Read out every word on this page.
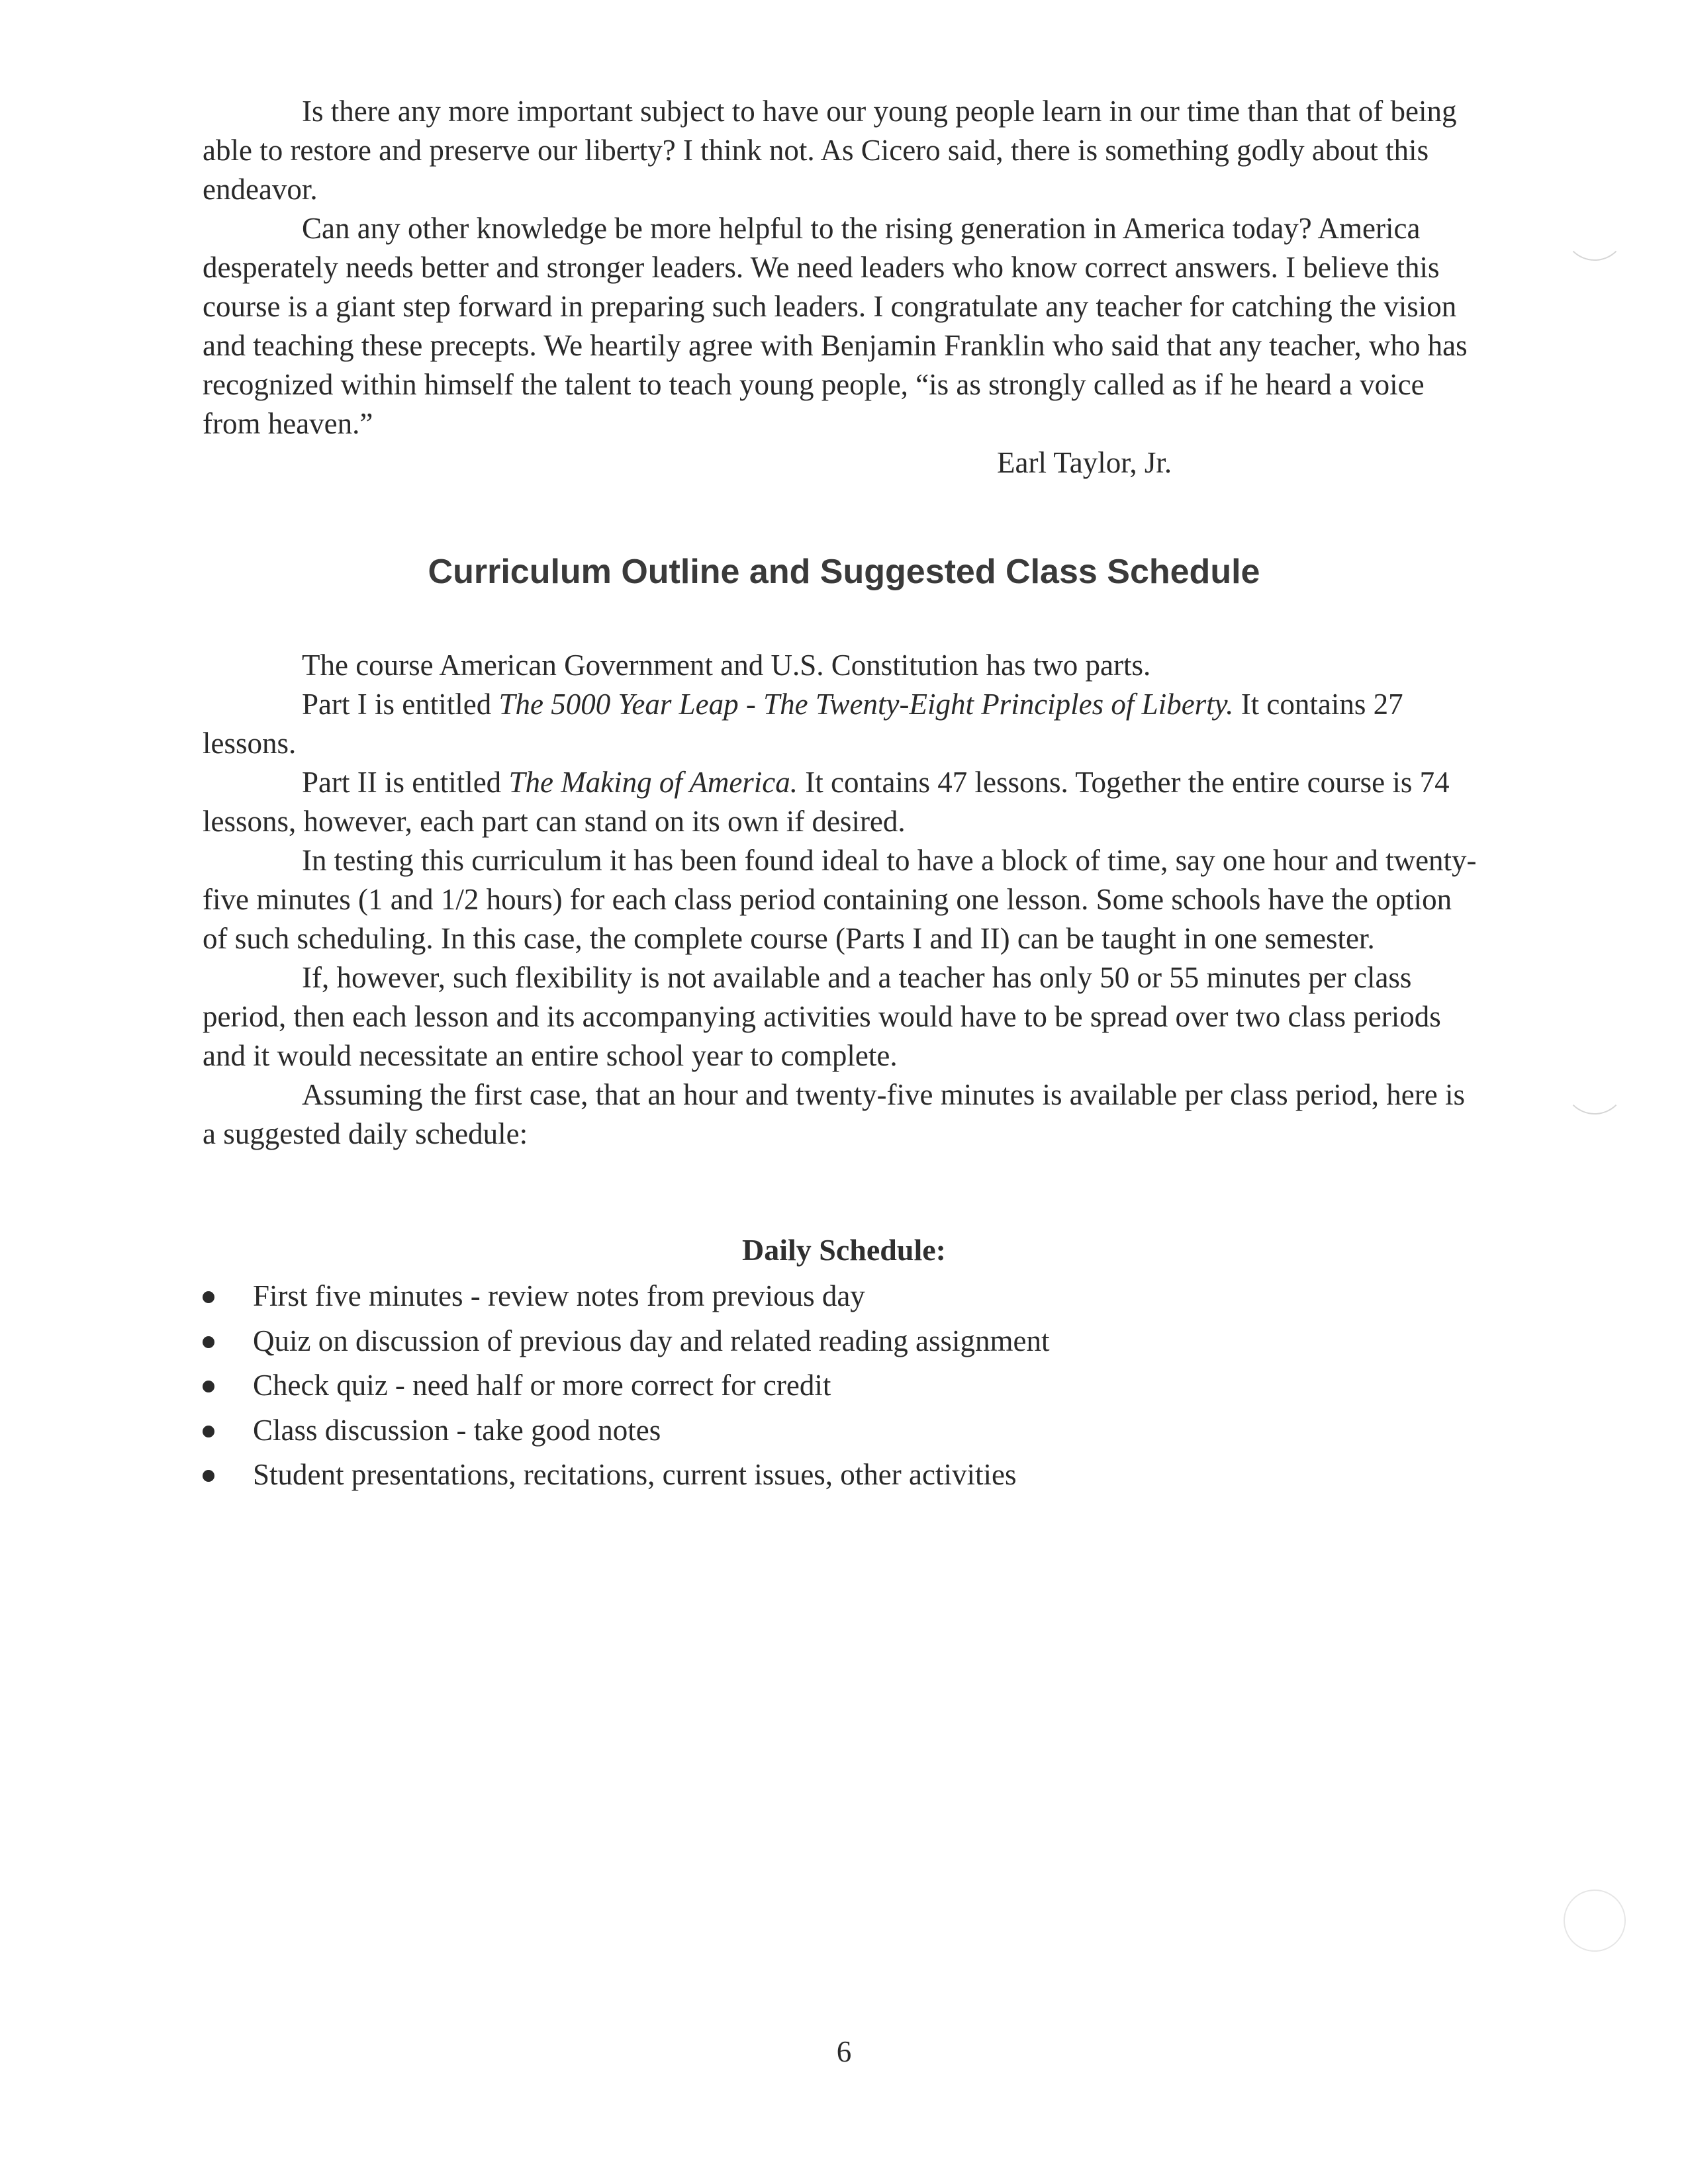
Is there any more important subject to have our young people learn in our time than that of being able to restore and preserve our liberty? I think not. As Cicero said, there is something godly about this endeavor.

Can any other knowledge be more helpful to the rising generation in America today? America desperately needs better and stronger leaders. We need leaders who know correct answers. I believe this course is a giant step forward in preparing such leaders. I congratulate any teacher for catching the vision and teaching these precepts. We heartily agree with Benjamin Franklin who said that any teacher, who has recognized within himself the talent to teach young people, “is as strongly called as if he heard a voice from heaven.”

Earl Taylor, Jr.

Curriculum Outline and Suggested Class Schedule

The course American Government and U.S. Constitution has two parts.

Part I is entitled The 5000 Year Leap - The Twenty-Eight Principles of Liberty. It contains 27 lessons.

Part II is entitled The Making of America. It contains 47 lessons. Together the entire course is 74 lessons, however, each part can stand on its own if desired.

In testing this curriculum it has been found ideal to have a block of time, say one hour and twenty-five minutes (1 and 1/2 hours) for each class period containing one lesson. Some schools have the option of such scheduling. In this case, the complete course (Parts I and II) can be taught in one semester.

If, however, such flexibility is not available and a teacher has only 50 or 55 minutes per class period, then each lesson and its accompanying activities would have to be spread over two class periods and it would necessitate an entire school year to complete.

Assuming the first case, that an hour and twenty-five minutes is available per class period, here is a suggested daily schedule:

Daily Schedule:
First five minutes - review notes from previous day
Quiz on discussion of previous day and related reading assignment
Check quiz - need half or more correct for credit
Class discussion - take good notes
Student presentations, recitations, current issues, other activities
6
